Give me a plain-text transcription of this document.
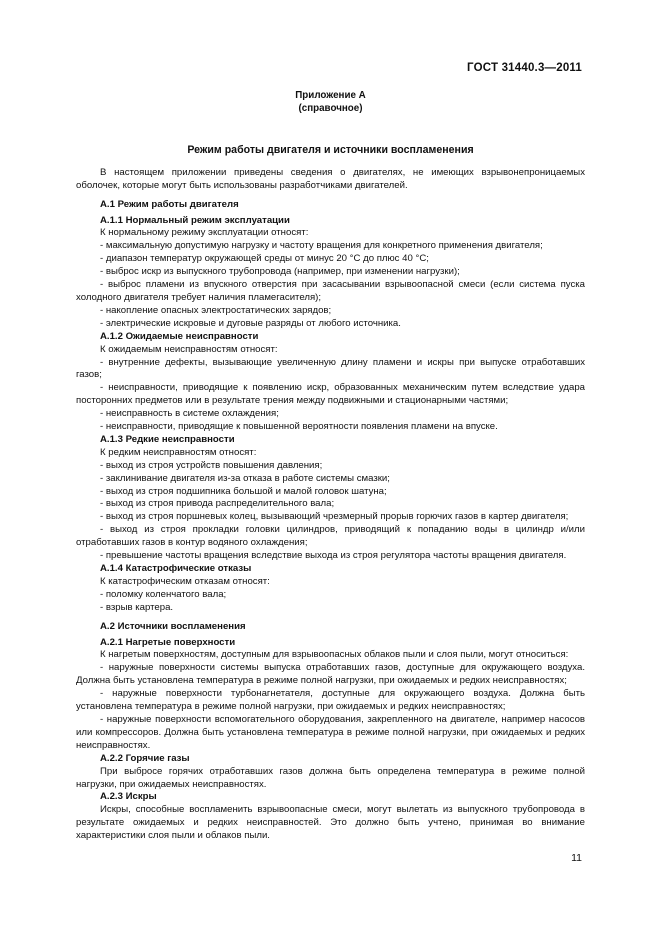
ГОСТ 31440.3—2011
Приложение А
(справочное)
Режим работы двигателя и источники воспламенения

В настоящем приложении приведены сведения о двигателях, не имеющих взрывонепроницаемых оболочек, которые могут быть использованы разработчиками двигателей.

А.1 Режим работы двигателя

А.1.1 Нормальный режим эксплуатации

К нормальному режиму эксплуатации относят:

- максимальную допустимую нагрузку и частоту вращения для конкретного применения двигателя;

- диапазон температур окружающей среды от минус 20 °С до плюс 40 °С;

- выброс искр из выпускного трубопровода (например, при изменении нагрузки);

- выброс пламени из впускного отверстия при засасывании взрывоопасной смеси (если система пуска холодного двигателя требует наличия пламегасителя);

- накопление опасных электростатических зарядов;

- электрические искровые и дуговые разряды от любого источника.

А.1.2 Ожидаемые неисправности

К ожидаемым неисправностям относят:

- внутренние дефекты, вызывающие увеличенную длину пламени и искры при выпуске отработавших газов;

- неисправности, приводящие к появлению искр, образованных механическим путем вследствие удара посторонних предметов или в результате трения между подвижными и стационарными частями;

- неисправность в системе охлаждения;

- неисправности, приводящие к повышенной вероятности появления пламени на впуске.

А.1.3 Редкие неисправности

К редким неисправностям относят:

- выход из строя устройств повышения давления;

- заклинивание двигателя из-за отказа в работе системы смазки;

- выход из строя подшипника большой и малой головок шатуна;

- выход из строя привода распределительного вала;

- выход из строя поршневых колец, вызывающий чрезмерный прорыв горючих газов в картер двигателя;

- выход из строя прокладки головки цилиндров, приводящий к попаданию воды в цилиндр и/или отработавших газов в контур водяного охлаждения;

- превышение частоты вращения вследствие выхода из строя регулятора частоты вращения двигателя.

А.1.4 Катастрофические отказы

К катастрофическим отказам относят:

- поломку коленчатого вала;

- взрыв картера.

А.2 Источники воспламенения

А.2.1 Нагретые поверхности

К нагретым поверхностям, доступным для взрывоопасных облаков пыли и слоя пыли, могут относиться:

- наружные поверхности системы выпуска отработавших газов, доступные для окружающего воздуха. Должна быть установлена температура в режиме полной нагрузки, при ожидаемых и редких неисправностях;

- наружные поверхности турбонагнетателя, доступные для окружающего воздуха. Должна быть установлена температура в режиме полной нагрузки, при ожидаемых и редких неисправностях;

- наружные поверхности вспомогательного оборудования, закрепленного на двигателе, например насосов или компрессоров. Должна быть установлена температура в режиме полной нагрузки, при ожидаемых и редких неисправностях.

А.2.2 Горячие газы

При выбросе горячих отработавших газов должна быть определена температура в режиме полной нагрузки, при ожидаемых неисправностях.

А.2.3 Искры

Искры, способные воспламенить взрывоопасные смеси, могут вылетать из выпускного трубопровода в результате ожидаемых и редких неисправностей. Это должно быть учтено, принимая во внимание характеристики слоя пыли и облаков пыли.

11
